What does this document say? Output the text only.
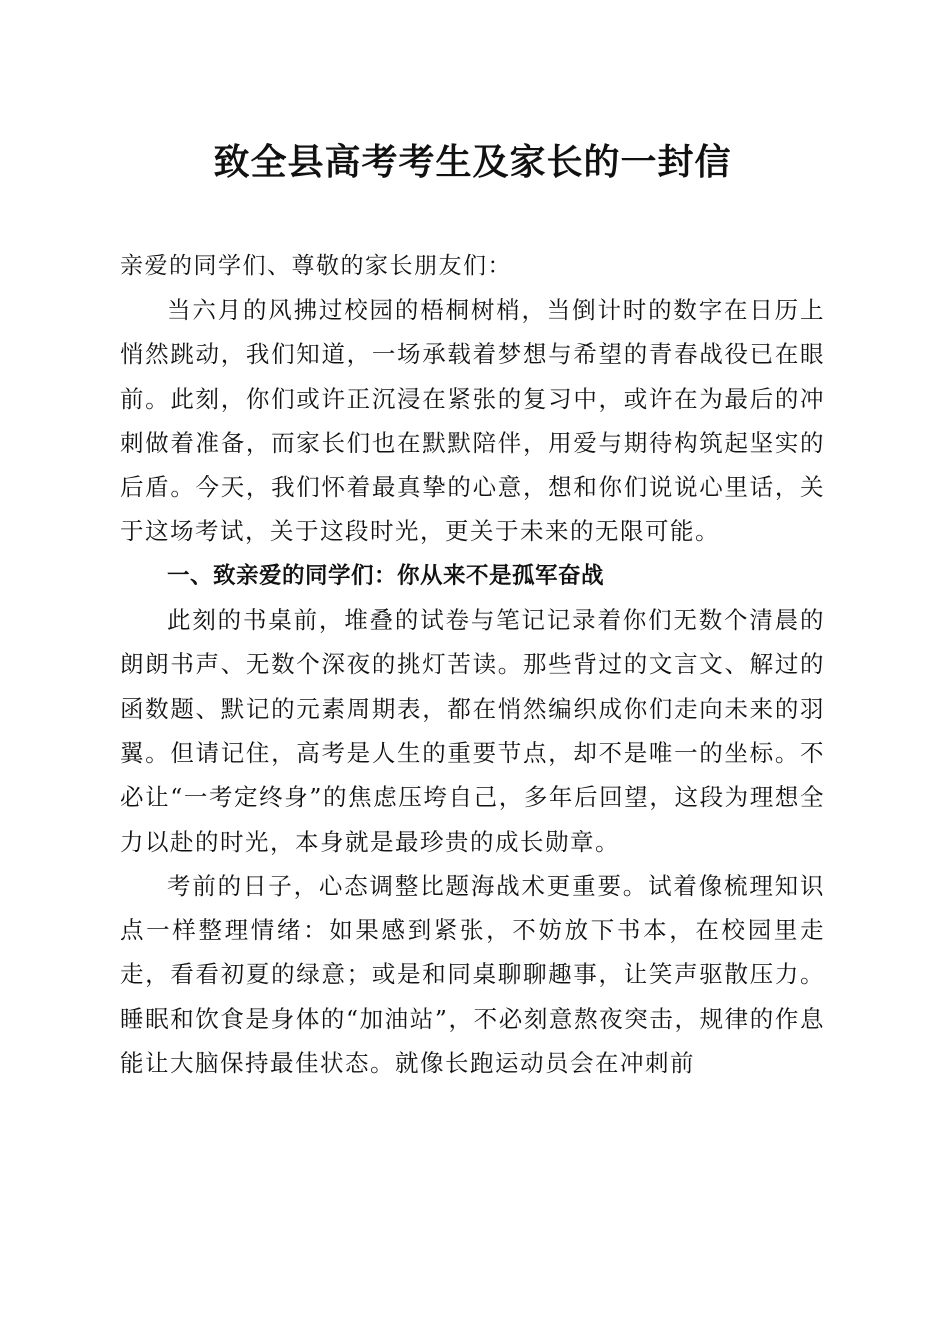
致全县高考考生及家长的一封信

亲爱的同学们、尊敬的家长朋友们：

当六月的风拂过校园的梧桐树梢，当倒计时的数字在日历上悄然跳动，我们知道，一场承载着梦想与希望的青春战役已在眼前。此刻，你们或许正沉浸在紧张的复习中，或许在为最后的冲刺做着准备，而家长们也在默默陪伴，用爱与期待构筑起坚实的后盾。今天，我们怀着最真挚的心意，想和你们说说心里话，关于这场考试，关于这段时光，更关于未来的无限可能。

一、致亲爱的同学们：你从来不是孤军奋战

此刻的书桌前，堆叠的试卷与笔记记录着你们无数个清晨的朗朗书声、无数个深夜的挑灯苦读。那些背过的文言文、解过的函数题、默记的元素周期表，都在悄然编织成你们走向未来的羽翼。但请记住，高考是人生的重要节点，却不是唯一的坐标。不必让“一考定终身”的焦虑压垮自己，多年后回望，这段为理想全力以赴的时光，本身就是最珍贵的成长勋章。

考前的日子，心态调整比题海战术更重要。试着像梳理知识点一样整理情绪：如果感到紧张，不妨放下书本，在校园里走走，看看初夏的绿意；或是和同桌聊聊趣事，让笑声驱散压力。睡眠和饮食是身体的“加油站”，不必刻意熬夜突击，规律的作息能让大脑保持最佳状态。就像长跑运动员会在冲刺前
